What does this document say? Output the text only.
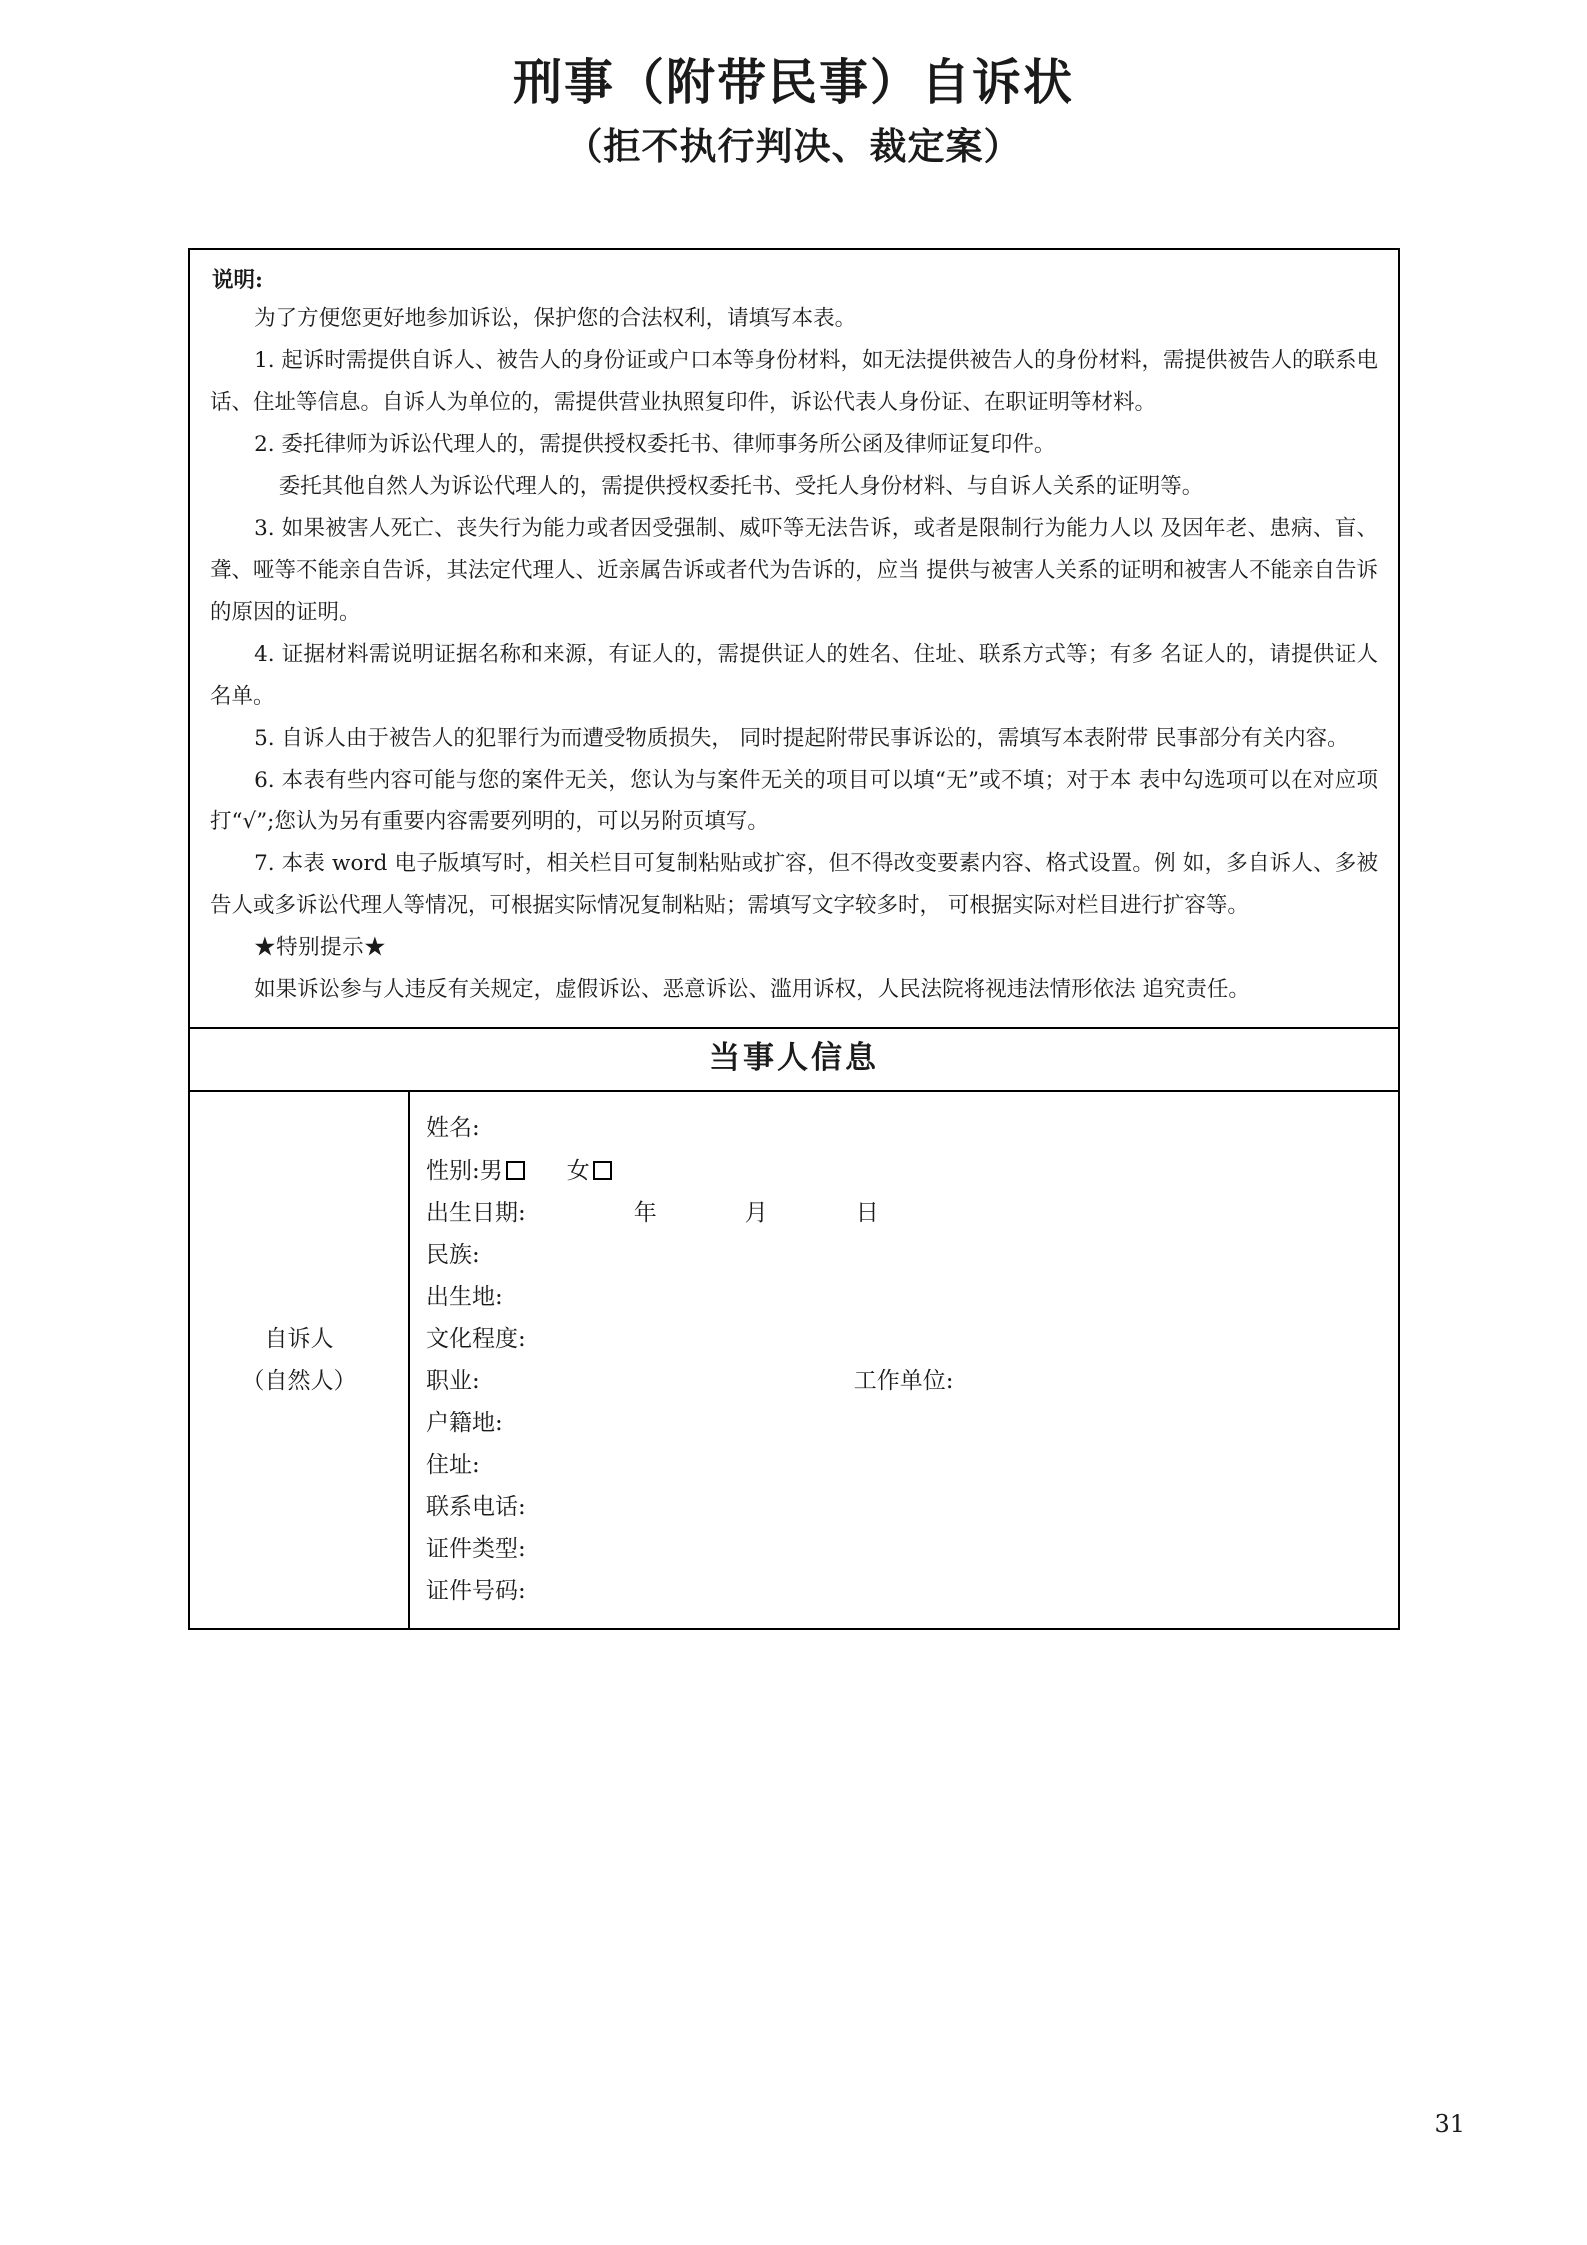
刑事（附带民事）自诉状
（拒不执行判决、裁定案）
说明:

为了方便您更好地参加诉讼，保护您的合法权利，请填写本表。

1. 起诉时需提供自诉人、被告人的身份证或户口本等身份材料，如无法提供被告人的身份材料，需提供被告人的联系电话、住址等信息。自诉人为单位的，需提供营业执照复印件，诉讼代表人身份证、在职证明等材料。

2. 委托律师为诉讼代理人的，需提供授权委托书、律师事务所公函及律师证复印件。

委托其他自然人为诉讼代理人的，需提供授权委托书、受托人身份材料、与自诉人关系的证明等。

3. 如果被害人死亡、丧失行为能力或者因受强制、威吓等无法告诉，或者是限制行为能力人以 及因年老、患病、盲、聋、哑等不能亲自告诉，其法定代理人、近亲属告诉或者代为告诉的，应当 提供与被害人关系的证明和被害人不能亲自告诉的原因的证明。

4. 证据材料需说明证据名称和来源，有证人的，需提供证人的姓名、住址、联系方式等；有多 名证人的，请提供证人名单。

5. 自诉人由于被告人的犯罪行为而遭受物质损失， 同时提起附带民事诉讼的，需填写本表附带 民事部分有关内容。

6. 本表有些内容可能与您的案件无关，您认为与案件无关的项目可以填“无”或不填；对于本 表中勾选项可以在对应项打“√”;您认为另有重要内容需要列明的，可以另附页填写。

7. 本表 word 电子版填写时，相关栏目可复制粘贴或扩容，但不得改变要素内容、格式设置。例 如，多自诉人、多被告人或多诉讼代理人等情况，可根据实际情况复制粘贴；需填写文字较多时， 可根据实际对栏目进行扩容等。

★特别提示★

如果诉讼参与人违反有关规定，虚假诉讼、恶意诉讼、滥用诉权，人民法院将视违法情形依法 追究责任。

当事人信息
自诉人
（自然人）
姓名:
性别: 男	女
出生日期:	年	月	日
民族:
出生地:
文化程度:
职业:	工作单位:
户籍地:
住址:
联系电话:
证件类型:
证件号码:
31
